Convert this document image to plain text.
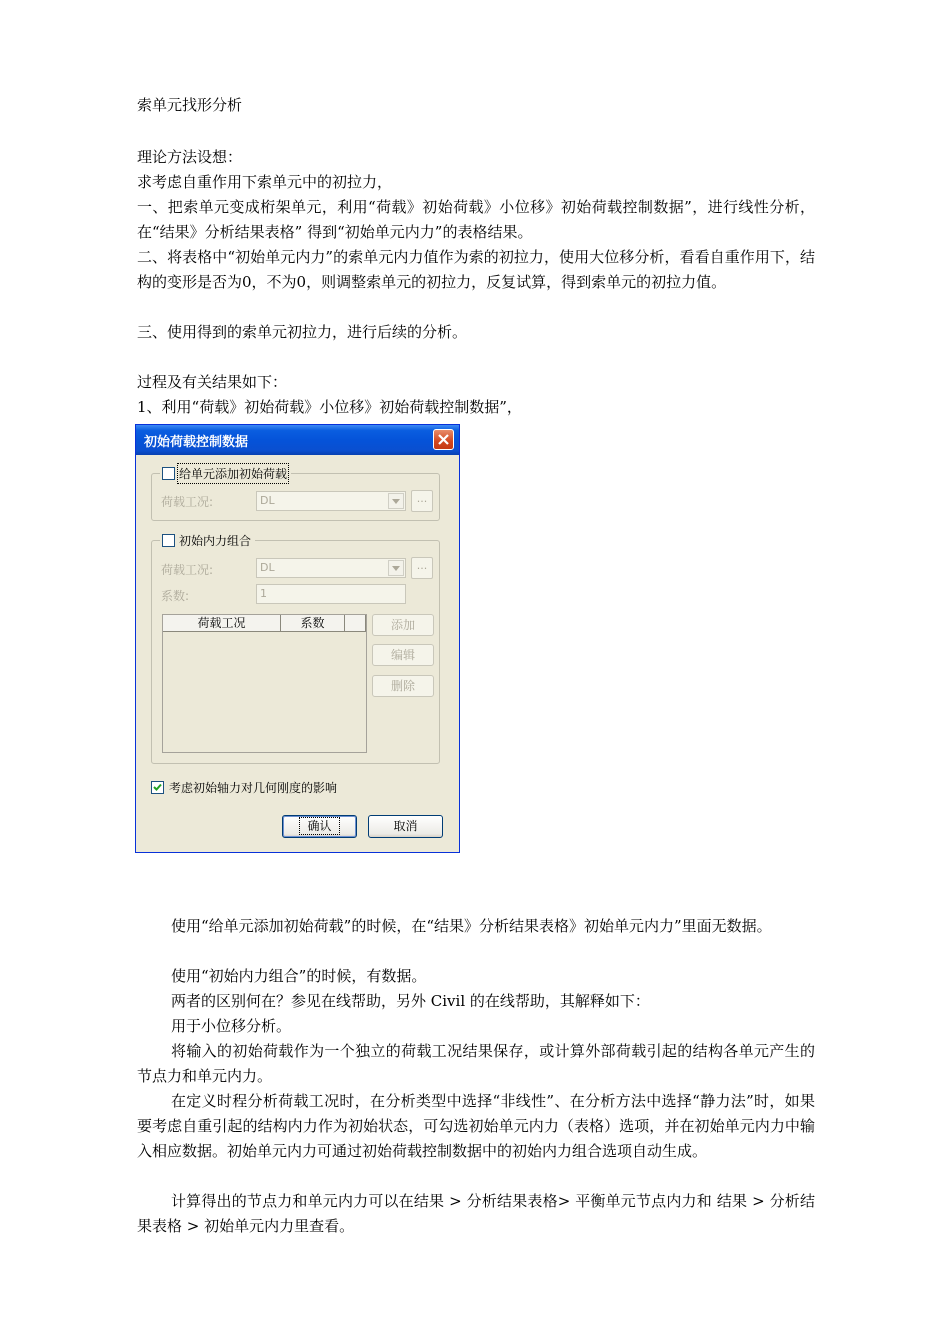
索单元找形分析

理论方法设想：

求考虑自重作用下索单元中的初拉力，

一、把索单元变成桁架单元，利用“荷载》初始荷载》小位移》初始荷载控制数据”，进行线性分析， 在“结果》分析结果表格” 得到“初始单元内力”的表格结果。

二、将表格中“初始单元内力”的索单元内力值作为索的初拉力，使用大位移分析，看看自重作用下，结构的变形是否为0，不为0，则调整索单元的初拉力，反复试算，得到索单元的初拉力值。

三、使用得到的索单元初拉力，进行后续的分析。

过程及有关结果如下：

1、利用“荷载》初始荷载》小位移》初始荷载控制数据”，

初始荷载控制数据
给单元添加初始荷载
荷载工况:	DL	...
初始内力组合
荷载工况:	DL	...
系数:	1
荷载工况	系数	添加
编辑
删除
考虑初始轴力对几何刚度的影响
确认	取消

使用“给单元添加初始荷载”的时候，在“结果》分析结果表格》初始单元内力”里面无数据。

使用“初始内力组合”的时候，有数据。

两者的区别何在？参见在线帮助，另外 Civil 的在线帮助，其解释如下：

用于小位移分析。

将输入的初始荷载作为一个独立的荷载工况结果保存，或计算外部荷载引起的结构各单元产生的节点力和单元内力。

在定义时程分析荷载工况时，在分析类型中选择“非线性”、在分析方法中选择“静力法”时，如果要考虑自重引起的结构内力作为初始状态，可勾选初始单元内力（表格）选项，并在初始单元内力中输入相应数据。初始单元内力可通过初始荷载控制数据中的初始内力组合选项自动生成。

计算得出的节点力和单元内力可以在结果 > 分析结果表格> 平衡单元节点内力和 结果 > 分析结果表格 > 初始单元内力里查看。
